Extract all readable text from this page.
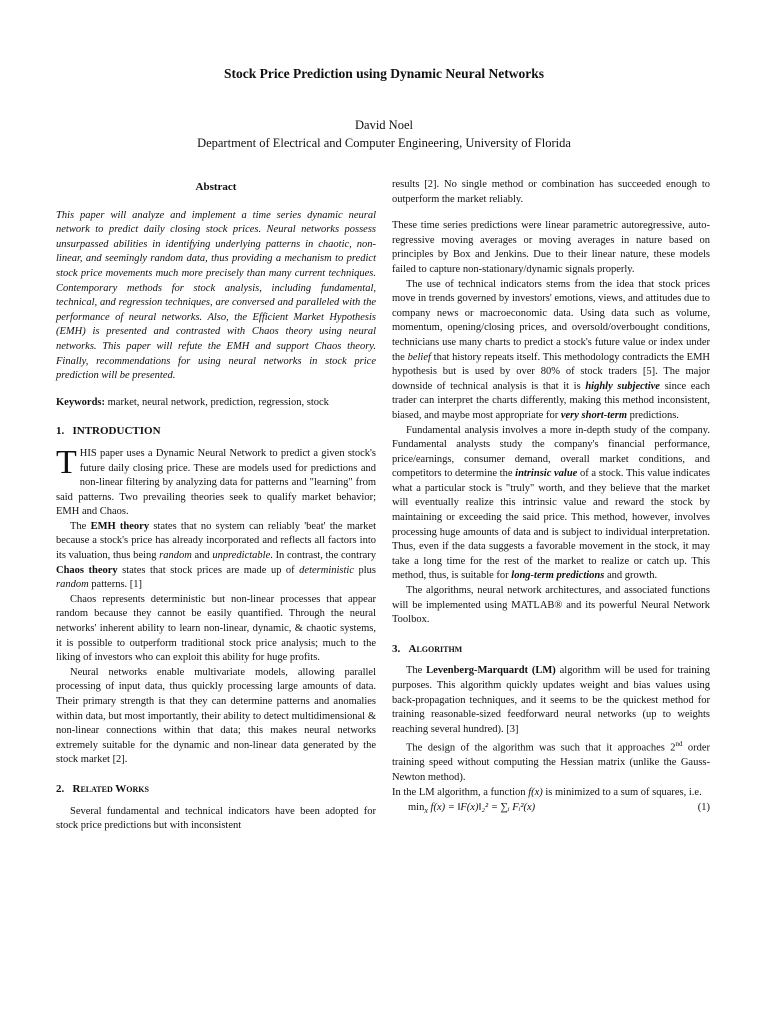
Stock Price Prediction using Dynamic Neural Networks
David Noel
Department of Electrical and Computer Engineering, University of Florida
Abstract

This paper will analyze and implement a time series dynamic neural network to predict daily closing stock prices. Neural networks possess unsurpassed abilities in identifying underlying patterns in chaotic, non-linear, and seemingly random data, thus providing a mechanism to predict stock price movements much more precisely than many current techniques. Contemporary methods for stock analysis, including fundamental, technical, and regression techniques, are conversed and paralleled with the performance of neural networks. Also, the Efficient Market Hypothesis (EMH) is presented and contrasted with Chaos theory using neural networks. This paper will refute the EMH and support Chaos theory. Finally, recommendations for using neural networks in stock price prediction will be presented.

Keywords: market, neural network, prediction, regression, stock

1. INTRODUCTION

THIS paper uses a Dynamic Neural Network to predict a given stock's future daily closing price. These are models used for predictions and non-linear filtering by analyzing data for patterns and "learning" from said patterns. Two prevailing theories seek to qualify market behavior; EMH and Chaos.

The EMH theory states that no system can reliably 'beat' the market because a stock's price has already incorporated and reflects all factors into its valuation, thus being random and unpredictable. In contrast, the contrary Chaos theory states that stock prices are made up of deterministic plus random patterns. [1]

Chaos represents deterministic but non-linear processes that appear random because they cannot be easily quantified. Through the neural networks' inherent ability to learn non-linear, dynamic, & chaotic systems, it is possible to outperform traditional stock price analysis; much to the liking of investors who can exploit this ability for huge profits.

Neural networks enable multivariate models, allowing parallel processing of input data, thus quickly processing large amounts of data. Their primary strength is that they can determine patterns and anomalies within data, but most importantly, their ability to detect multidimensional & non-linear connections within that data; this makes neural networks extremely suitable for the dynamic and non-linear data generated by the stock market [2].

2. Related Works

Several fundamental and technical indicators have been adopted for stock price predictions but with inconsistent

results [2]. No single method or combination has succeeded enough to outperform the market reliably.

These time series predictions were linear parametric autoregressive, auto-regressive moving averages or moving averages in nature based on principles by Box and Jenkins. Due to their linear nature, these models failed to capture non-stationary/dynamic signals properly.

The use of technical indicators stems from the idea that stock prices move in trends governed by investors' emotions, views, and attitudes due to company news or macroeconomic data. Using data such as volume, momentum, opening/closing prices, and oversold/overbought conditions, technicians use many charts to predict a stock's future value or index under the belief that history repeats itself. This methodology contradicts the EMH hypothesis but is used by over 80% of stock traders [5]. The major downside of technical analysis is that it is highly subjective since each trader can interpret the charts differently, making this method inconsistent, biased, and maybe most appropriate for very short-term predictions.

Fundamental analysis involves a more in-depth study of the company. Fundamental analysts study the company's financial performance, price/earnings, consumer demand, overall market conditions, and competitors to determine the intrinsic value of a stock. This value indicates what a particular stock is "truly" worth, and they believe that the market will eventually realize this intrinsic value and reward the stock by maintaining or exceeding the said price. This method, however, involves processing huge amounts of data and is subject to individual interpretation. Thus, even if the data suggests a favorable movement in the stock, it may take a long time for the rest of the market to realize or catch up. This method, thus, is suitable for long-term predictions and growth.

The algorithms, neural network architectures, and associated functions will be implemented using MATLAB® and its powerful Neural Network Toolbox.

3. Algorithm

The Levenberg-Marquardt (LM) algorithm will be used for training purposes. This algorithm quickly updates weight and bias values using back-propagation techniques, and it seems to be the quickest method for training reasonable-sized feedforward neural networks (up to weights reaching several hundred). [3]

The design of the algorithm was such that it approaches 2nd order training speed without computing the Hessian matrix (unlike the Gauss-Newton method).

In the LM algorithm, a function f(x) is minimized to a sum of squares, i.e.

$\min_x f(x)$ = ‖F(x)‖₂² = ∑ᵢ Fᵢ²(x)	(1)
